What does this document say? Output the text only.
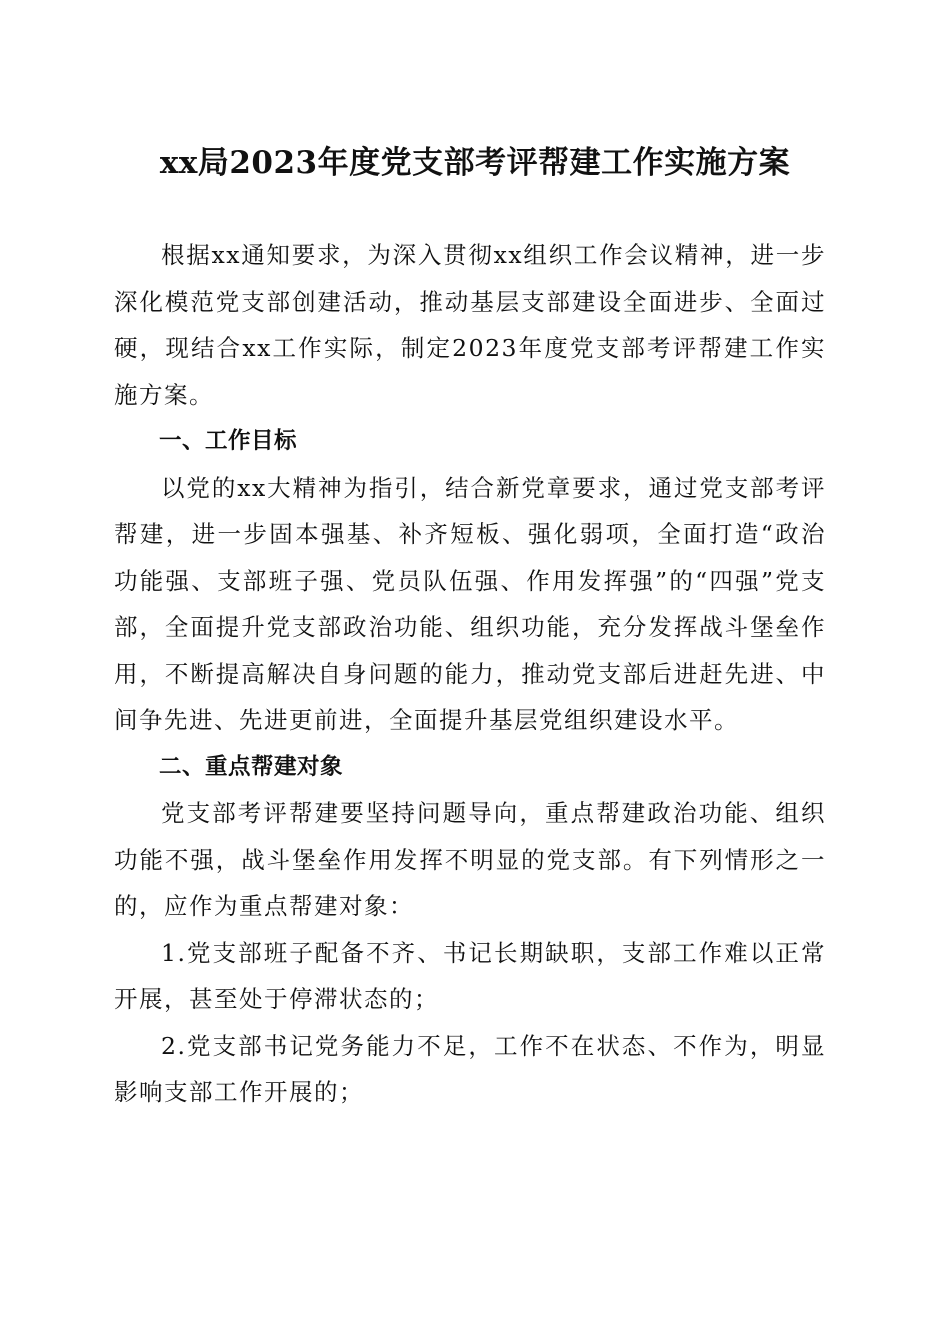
xx局2023年度党支部考评帮建工作实施方案

根据xx通知要求，为深入贯彻xx组织工作会议精神，进一步深化模范党支部创建活动，推动基层支部建设全面进步、全面过硬，现结合xx工作实际，制定2023年度党支部考评帮建工作实施方案。

一、工作目标

以党的xx大精神为指引，结合新党章要求，通过党支部考评帮建，进一步固本强基、补齐短板、强化弱项，全面打造“政治功能强、支部班子强、党员队伍强、作用发挥强”的“四强”党支部，全面提升党支部政治功能、组织功能，充分发挥战斗堡垒作用，不断提高解决自身问题的能力，推动党支部后进赶先进、中间争先进、先进更前进，全面提升基层党组织建设水平。

二、重点帮建对象

党支部考评帮建要坚持问题导向，重点帮建政治功能、组织功能不强，战斗堡垒作用发挥不明显的党支部。有下列情形之一的，应作为重点帮建对象：

1.党支部班子配备不齐、书记长期缺职，支部工作难以正常开展，甚至处于停滞状态的；

2.党支部书记党务能力不足，工作不在状态、不作为，明显影响支部工作开展的；
